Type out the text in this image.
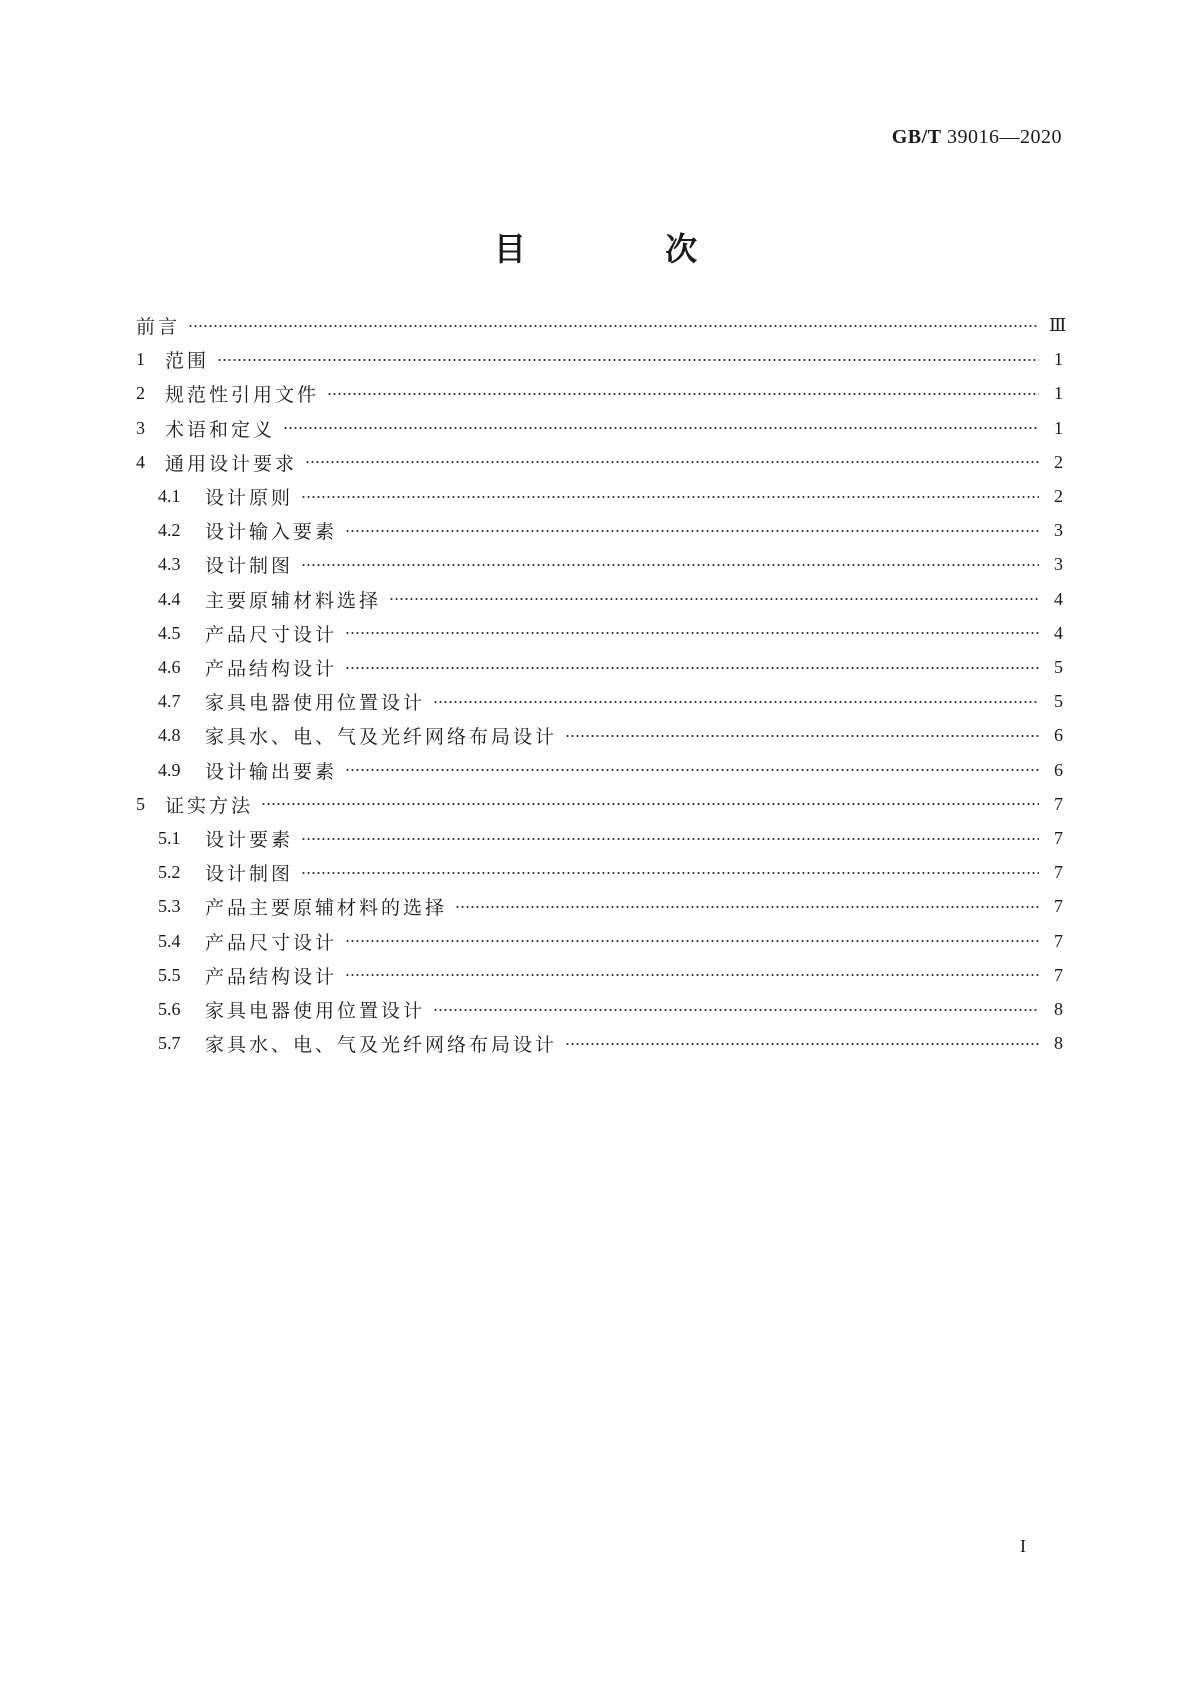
GB/T 39016—2020
目 次
前言	Ⅲ
1	范围	1
2	规范性引用文件	1
3	术语和定义	1
4	通用设计要求	2
4.1	设计原则	2
4.2	设计输入要素	3
4.3	设计制图	3
4.4	主要原辅材料选择	4
4.5	产品尺寸设计	4
4.6	产品结构设计	5
4.7	家具电器使用位置设计	5
4.8	家具水、电、气及光纤网络布局设计	6
4.9	设计输出要素	6
5	证实方法	7
5.1	设计要素	7
5.2	设计制图	7
5.3	产品主要原辅材料的选择	7
5.4	产品尺寸设计	7
5.5	产品结构设计	7
5.6	家具电器使用位置设计	8
5.7	家具水、电、气及光纤网络布局设计	8
I
